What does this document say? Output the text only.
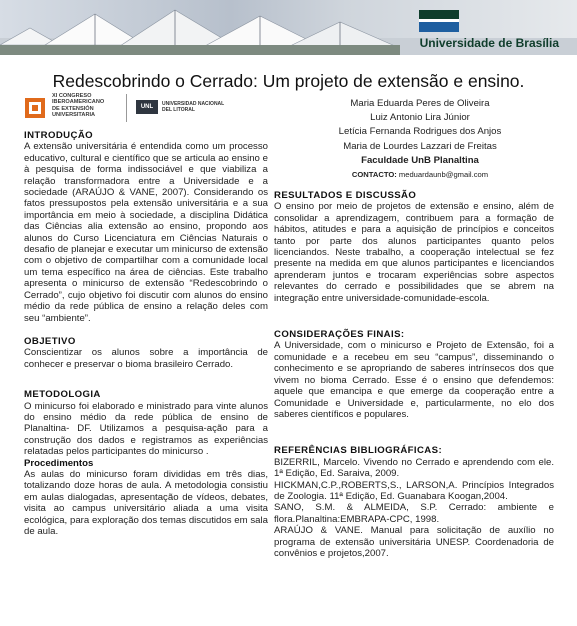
Universidade de Brasília
Redescobrindo o Cerrado: Um projeto de extensão e ensino.
XI CONGRESO
IBEROAMERICANO
DE EXTENSIÓN
UNIVERSITARIA
UNL	UNIVERSIDAD NACIONAL
DEL LITORAL
Maria Eduarda Peres de Oliveira
Luiz Antonio Lira Júnior
Letícia Fernanda Rodrigues dos Anjos
Maria de Lourdes Lazzari de Freitas
Faculdade UnB Planaltina
CONTACTO: meduardaunb@gmail.com
INTRODUÇÃO

A extensão universitária é entendida como um processo educativo, cultural e científico que se articula ao ensino e à pesquisa de forma indissociável e que viabiliza a relação transformadora entre a Universidade e a sociedade (ARAÚJO & VANE, 2007). Considerando os fatos pressupostos pela extensão universitária e a sua importância em meio à sociedade, a disciplina Didática das Ciências alia extensão ao ensino, propondo aos alunos do Curso Licenciatura em Ciências Naturais o desafio de planejar e executar um minicurso de extensão com o objetivo de compartilhar com a comunidade local um tema específico na área de ciências. Este trabalho apresenta o minicurso de extensão “Redescobrindo o Cerrado”, cujo objetivo foi discutir com alunos do ensino médio da rede pública de ensino a relação deles com seu “ambiente”.

OBJETIVO

Conscientizar os alunos sobre a importância de conhecer e preservar o bioma brasileiro Cerrado.

METODOLOGIA

O minicurso foi elaborado e ministrado para vinte alunos do ensino médio da rede pública de ensino de Planaltina- DF. Utilizamos a pesquisa-ação para a construção dos dados e registramos as experiências relatadas pelos participantes do minicurso .

Procedimentos

As aulas do minicurso foram divididas em três dias, totalizando doze horas de aula. A metodologia consistiu em aulas dialogadas, apresentação de vídeos, debates, visita ao campus universitário aliada a uma visita ecológica, para exploração dos temas discutidos em sala de aula.

RESULTADOS E DISCUSSÃO

O ensino por meio de projetos de extensão e ensino, além de consolidar a aprendizagem, contribuem para a formação de hábitos, atitudes e para a aquisição de princípios e conceitos tanto por parte dos alunos participantes quanto pelos licenciandos. Neste trabalho, a cooperação intelectual se fez presente na medida em que alunos participantes e licenciandos aprenderam juntos e trocaram experiências sobre aspectos relevantes do cerrado e possibilidades que se abrem na integração entre universidade-comunidade-escola.

CONSIDERAÇÕES FINAIS:

A Universidade, com o minicurso e Projeto de Extensão, foi a comunidade e a recebeu em seu “campus”, disseminando o conhecimento e se apropriando de saberes intrínsecos dos que vivem no bioma Cerrado. Esse é o ensino que defendemos: aquele que emancipa e que emerge da cooperação entre a Comunidade e Universidade e, particularmente, no elo dos saberes científicos e populares.

REFERÊNCIAS BIBLIOGRÁFICAS:

BIZERRIL, Marcelo. Vivendo no Cerrado e aprendendo com ele. 1ª Edição, Ed. Saraiva, 2009.

HICKMAN,C.P.,ROBERTS,S., LARSON,A. Princípios Integrados de Zoologia. 11ª Edição, Ed. Guanabara Koogan,2004.

SANO, S.M. & ALMEIDA, S.P. Cerrado: ambiente e flora.Planaltina:EMBRAPA-CPC, 1998.

ARAÚJO & VANE. Manual para solicitação de auxílio no programa de extensão universitária UNESP. Coordenadoria de convênios e projetos,2007.
